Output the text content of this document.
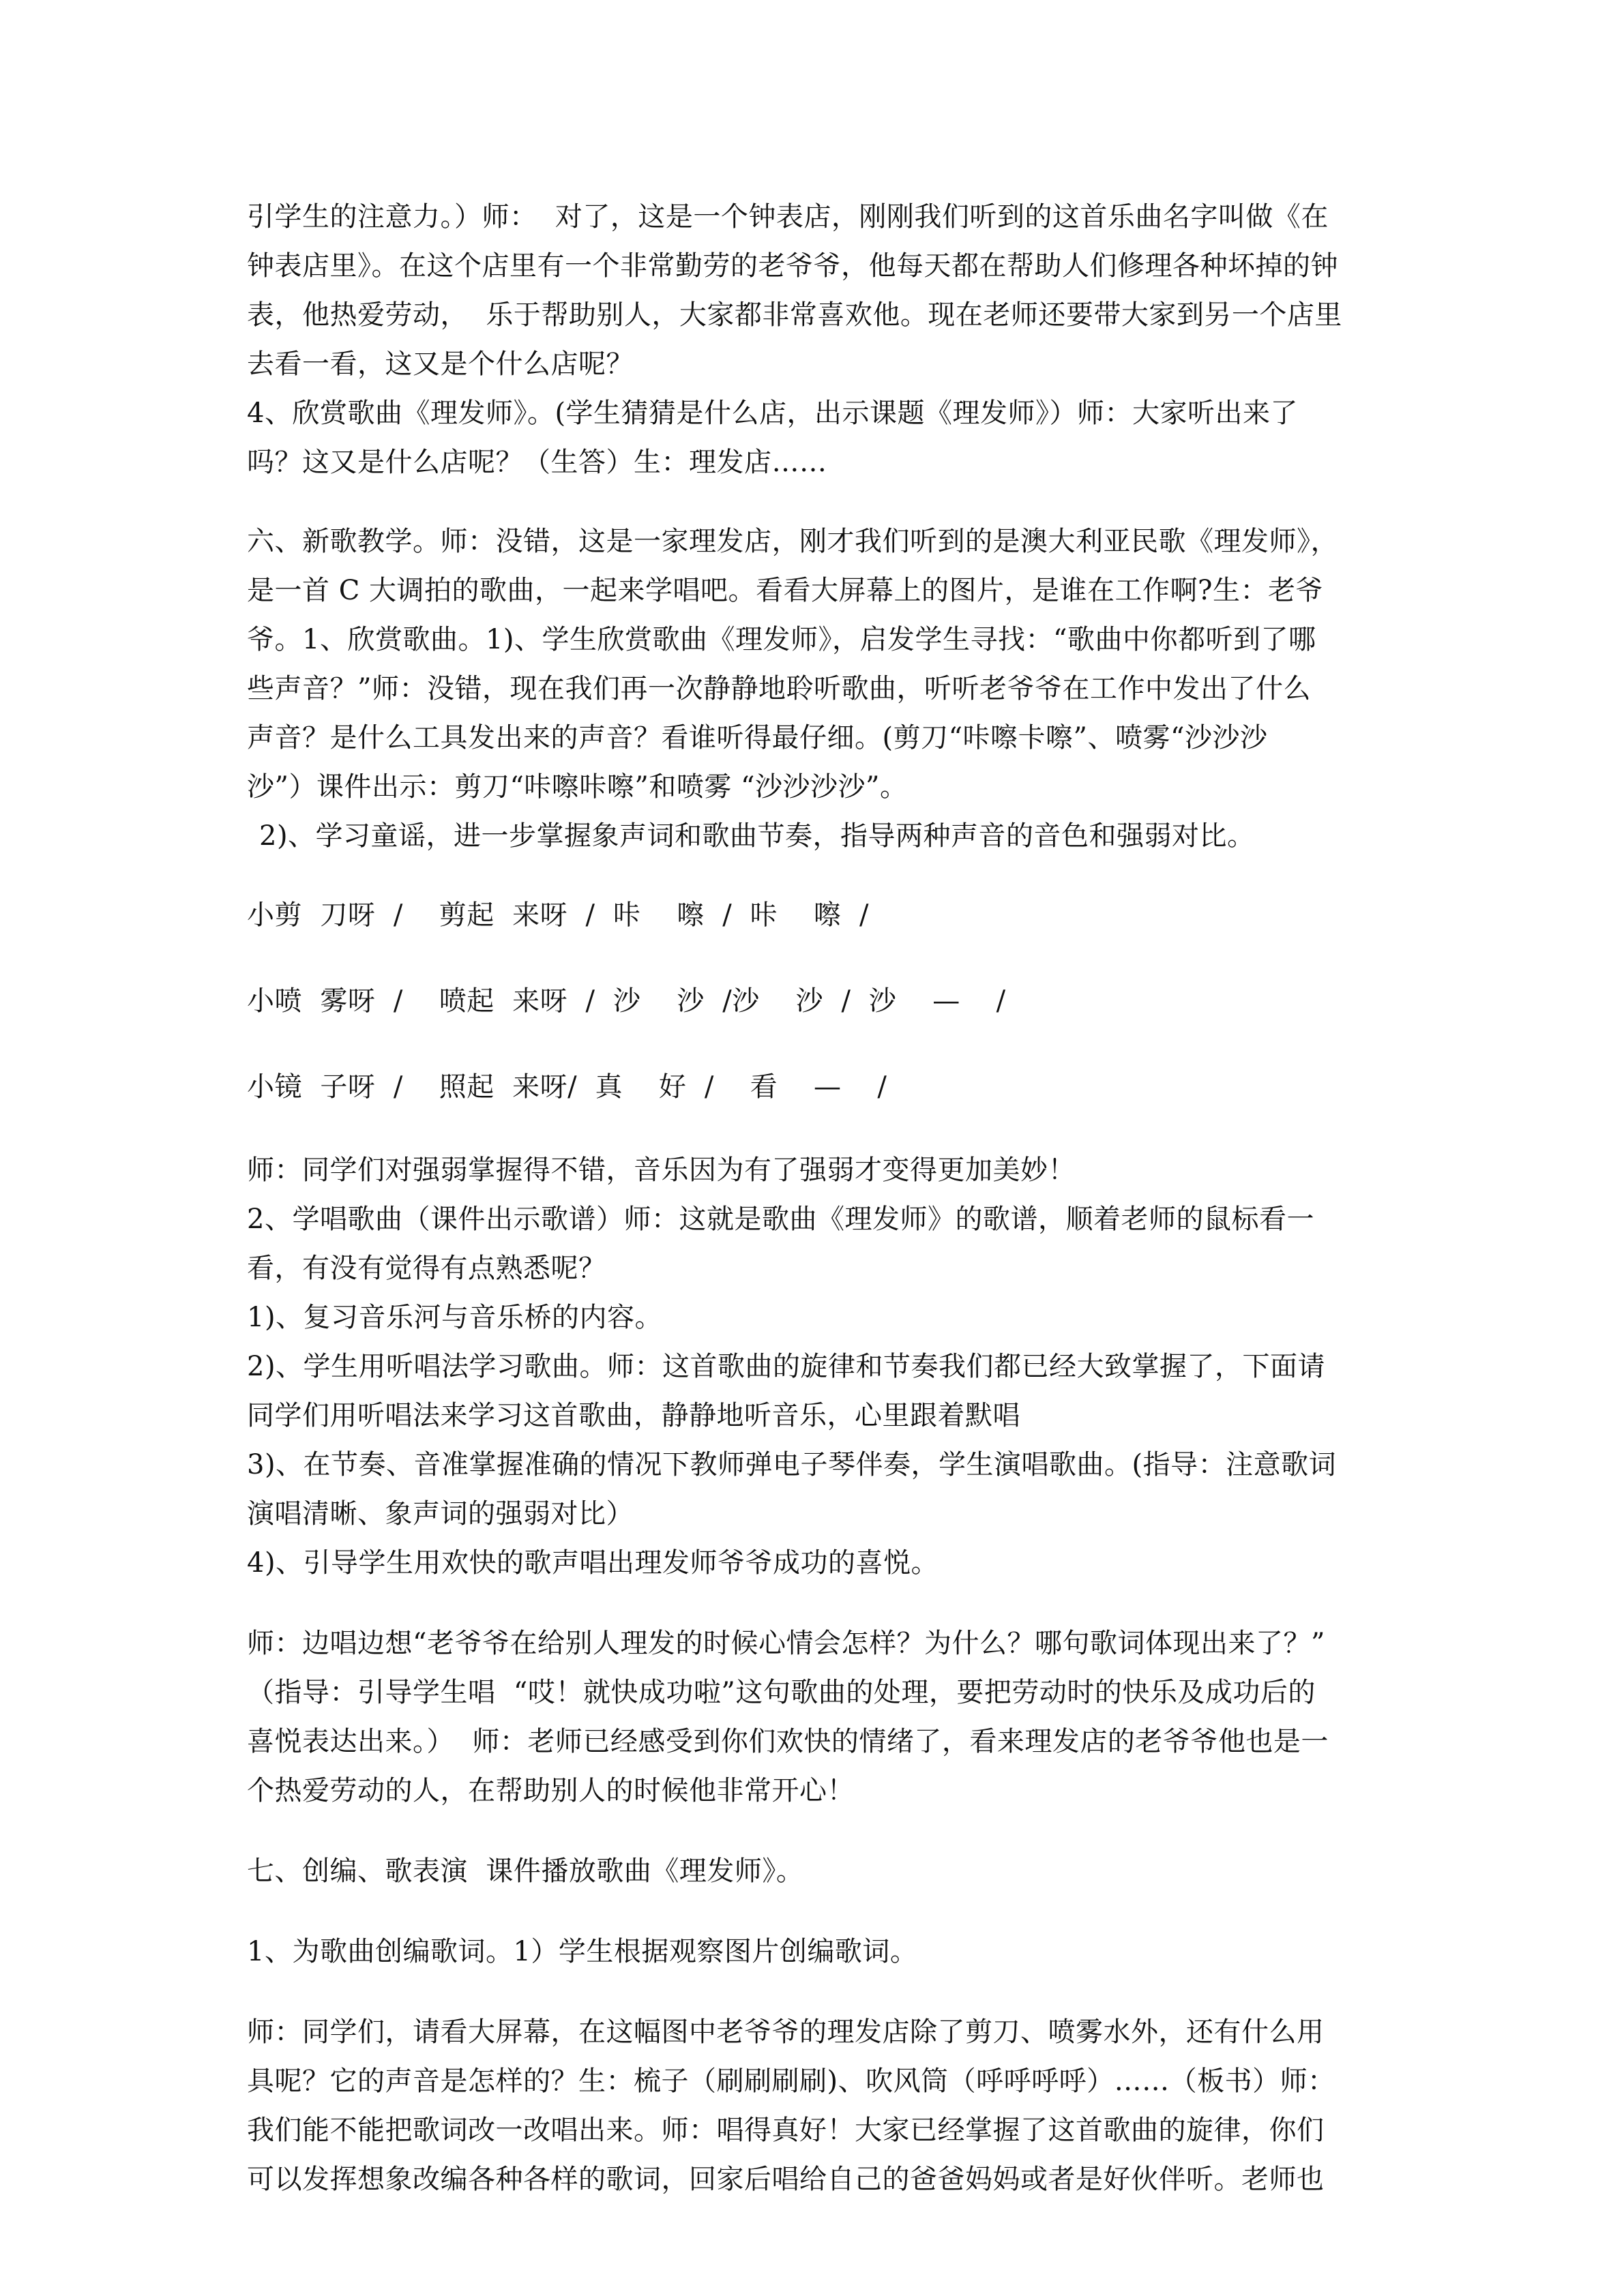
引学生的注意力。）师：  对了，这是一个钟表店，刚刚我们听到的这首乐曲名字叫做《在
钟表店里》。在这个店里有一个非常勤劳的老爷爷，他每天都在帮助人们修理各种坏掉的钟
表，他热爱劳动，  乐于帮助别人，大家都非常喜欢他。现在老师还要带大家到另一个店里
去看一看，这又是个什么店呢？
4、欣赏歌曲《理发师》。(学生猜猜是什么店，出示课题《理发师》）师：大家听出来了
吗？这又是什么店呢？（生答）生：理发店……
六、新歌教学。师：没错，这是一家理发店，刚才我们听到的是澳大利亚民歌《理发师》，
是一首 C 大调拍的歌曲，一起来学唱吧。看看大屏幕上的图片，是谁在工作啊?生：老爷
爷。1、欣赏歌曲。1)、学生欣赏歌曲《理发师》，启发学生寻找：“歌曲中你都听到了哪
些声音？”师：没错，现在我们再一次静静地聆听歌曲，听听老爷爷在工作中发出了什么
声音？是什么工具发出来的声音？看谁听得最仔细。(剪刀“咔嚓卡嚓”、喷雾“沙沙沙
沙”）课件出示：剪刀“咔嚓咔嚓”和喷雾 “沙沙沙沙”。
2)、学习童谣，进一步掌握象声词和歌曲节奏，指导两种声音的音色和强弱对比。
小剪  刀呀  /    剪起  来呀  /  咔    嚓  /  咔    嚓  /
小喷  雾呀  /    喷起  来呀  /  沙    沙  /沙    沙  /  沙    —    /
小镜  子呀  /    照起  来呀/  真    好  /    看    —    /
师：同学们对强弱掌握得不错，音乐因为有了强弱才变得更加美妙！
2、学唱歌曲（课件出示歌谱）师：这就是歌曲《理发师》的歌谱，顺着老师的鼠标看一
看，有没有觉得有点熟悉呢？
1)、复习音乐河与音乐桥的内容。
2)、学生用听唱法学习歌曲。师：这首歌曲的旋律和节奏我们都已经大致掌握了，下面请
同学们用听唱法来学习这首歌曲，静静地听音乐，心里跟着默唱
3)、在节奏、音准掌握准确的情况下教师弹电子琴伴奏，学生演唱歌曲。(指导：注意歌词
演唱清晰、象声词的强弱对比）
4)、引导学生用欢快的歌声唱出理发师爷爷成功的喜悦。
师：边唱边想“老爷爷在给别人理发的时候心情会怎样？为什么？哪句歌词体现出来了？”
（指导：引导学生唱  “哎！就快成功啦”这句歌曲的处理，要把劳动时的快乐及成功后的
喜悦表达出来。）  师：老师已经感受到你们欢快的情绪了，看来理发店的老爷爷他也是一
个热爱劳动的人，在帮助别人的时候他非常开心！
七、创编、歌表演  课件播放歌曲《理发师》。
1、为歌曲创编歌词。1）学生根据观察图片创编歌词。
师：同学们，请看大屏幕，在这幅图中老爷爷的理发店除了剪刀、喷雾水外，还有什么用
具呢？它的声音是怎样的？生：梳子（刷刷刷刷)、吹风筒（呼呼呼呼）……（板书）师：
我们能不能把歌词改一改唱出来。师：唱得真好！大家已经掌握了这首歌曲的旋律，你们
可以发挥想象改编各种各样的歌词，回家后唱给自己的爸爸妈妈或者是好伙伴听。老师也
